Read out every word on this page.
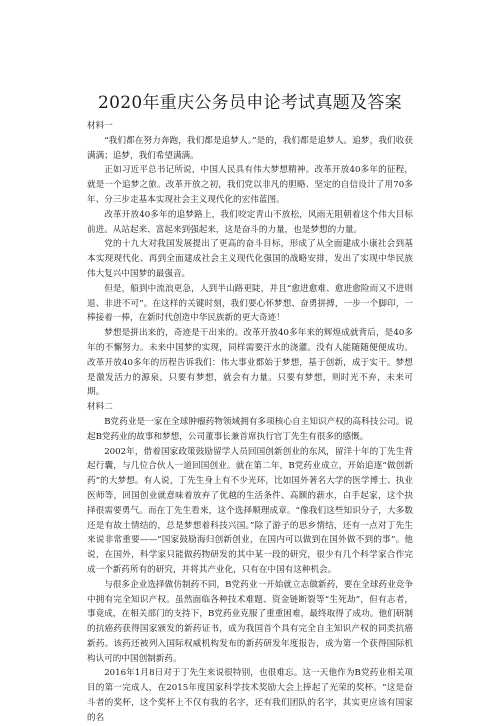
2020年重庆公务员申论考试真题及答案

材料一

“我们都在努力奔跑，我们都是追梦人。”是的，我们都是追梦人。追梦，我们收获满满；追梦，我们希望满满。

正如习近平总书记所说，中国人民具有伟大梦想精神。改革开放40多年的征程，就是一个追梦之旅。改革开放之初，我们党以非凡的胆略、坚定的自信设计了用70多年、分三步走基本实现社会主义现代化的宏伟蓝图。

改革开放40多年的追梦路上，我们咬定青山不放松，风雨无阻朝着这个伟大目标前进。从站起来、富起来到强起来，这是奋斗的力量，也是梦想的力量。

党的十九大对我国发展提出了更高的奋斗目标，形成了从全面建成小康社会到基本实现现代化、再到全面建成社会主义现代化强国的战略安排，发出了实现中华民族伟大复兴中国梦的最强音。

但是，船到中流浪更急，人到半山路更陡，并且“愈进愈难、愈进愈险而又不进则退、非进不可”。在这样的关键时刻，我们要心怀梦想、奋勇拼搏，一步一个脚印，一棒接着一棒，在新时代创造中华民族新的更大奇迹！

梦想是拼出来的，奇迹是干出来的。改革开放40多年来的辉煌成就背后，是40多年的不懈努力。未来中国梦的实现，同样需要汗水的浇灌。没有人能随随便便成功。改革开放40多年的历程告诉我们：伟大事业都始于梦想，基于创新，成于实干。梦想是激发活力的源泉，只要有梦想，就会有力量。只要有梦想，则时光不弃，未来可期。

材料二

B党药业是一家在全球肿瘤药物领域拥有多项核心自主知识产权的高科技公司。说起B党药业的故事和梦想，公司董事长兼首席执行官丁先生有很多的感慨。

2002年，借着国家政策鼓励留学人员回国创新创业的东风，留洋十年的丁先生背起行囊，与几位合伙人一道回国创业。就在第二年，B党药业成立，开始追逐“做创新药”的大梦想。有人说，丁先生身上有不少光环，比如国外著名大学的医学博士、执业医师等，回国创业就意味着放弃了优越的生活条件、高额的薪水，白手起家，这个抉择很需要勇气。而在丁先生看来，这个选择顺理成章。“像我们这些知识分子，大多数还是有故土情结的，总是梦想着科技兴国。”除了游子的思乡情结，还有一点对丁先生来说非常重要——“国家鼓励海归创新创业，在国内可以做到在国外做不到的事”。他说，在国外，科学家只能做药物研发的其中某一段的研究，很少有几个科学家合作完成一个新药所有的研究，并将其产业化，只有在中国有这种机会。

与很多企业选择做仿制药不同，B党药业一开始就立志做新药，要在全球药业竞争中拥有完全知识产权。虽然面临各种技术难题、资金链断裂等“生死劫”，但有志者，事竟成，在相关部门的支持下，B党药业克服了重重困难，最终取得了成功。他们研制的抗癌药获得国家颁发的新药证书，成为我国首个具有完全自主知识产权的同类抗癌新药。该药还被列入国际权威机构发布的新药研发年度报告，成为第一个获得国际机构认可的中国创制新药。

2016年1月8日对于丁先生来说很特别，也很难忘。这一天他作为B党药业相关项目的第一完成人，在2015年度国家科学技术奖励大会上捧起了光荣的奖杯。“这是奋斗者的奖杯，这个奖杯上不仅有我的名字，还有我们团队的名字，其实更应该有国家的名
